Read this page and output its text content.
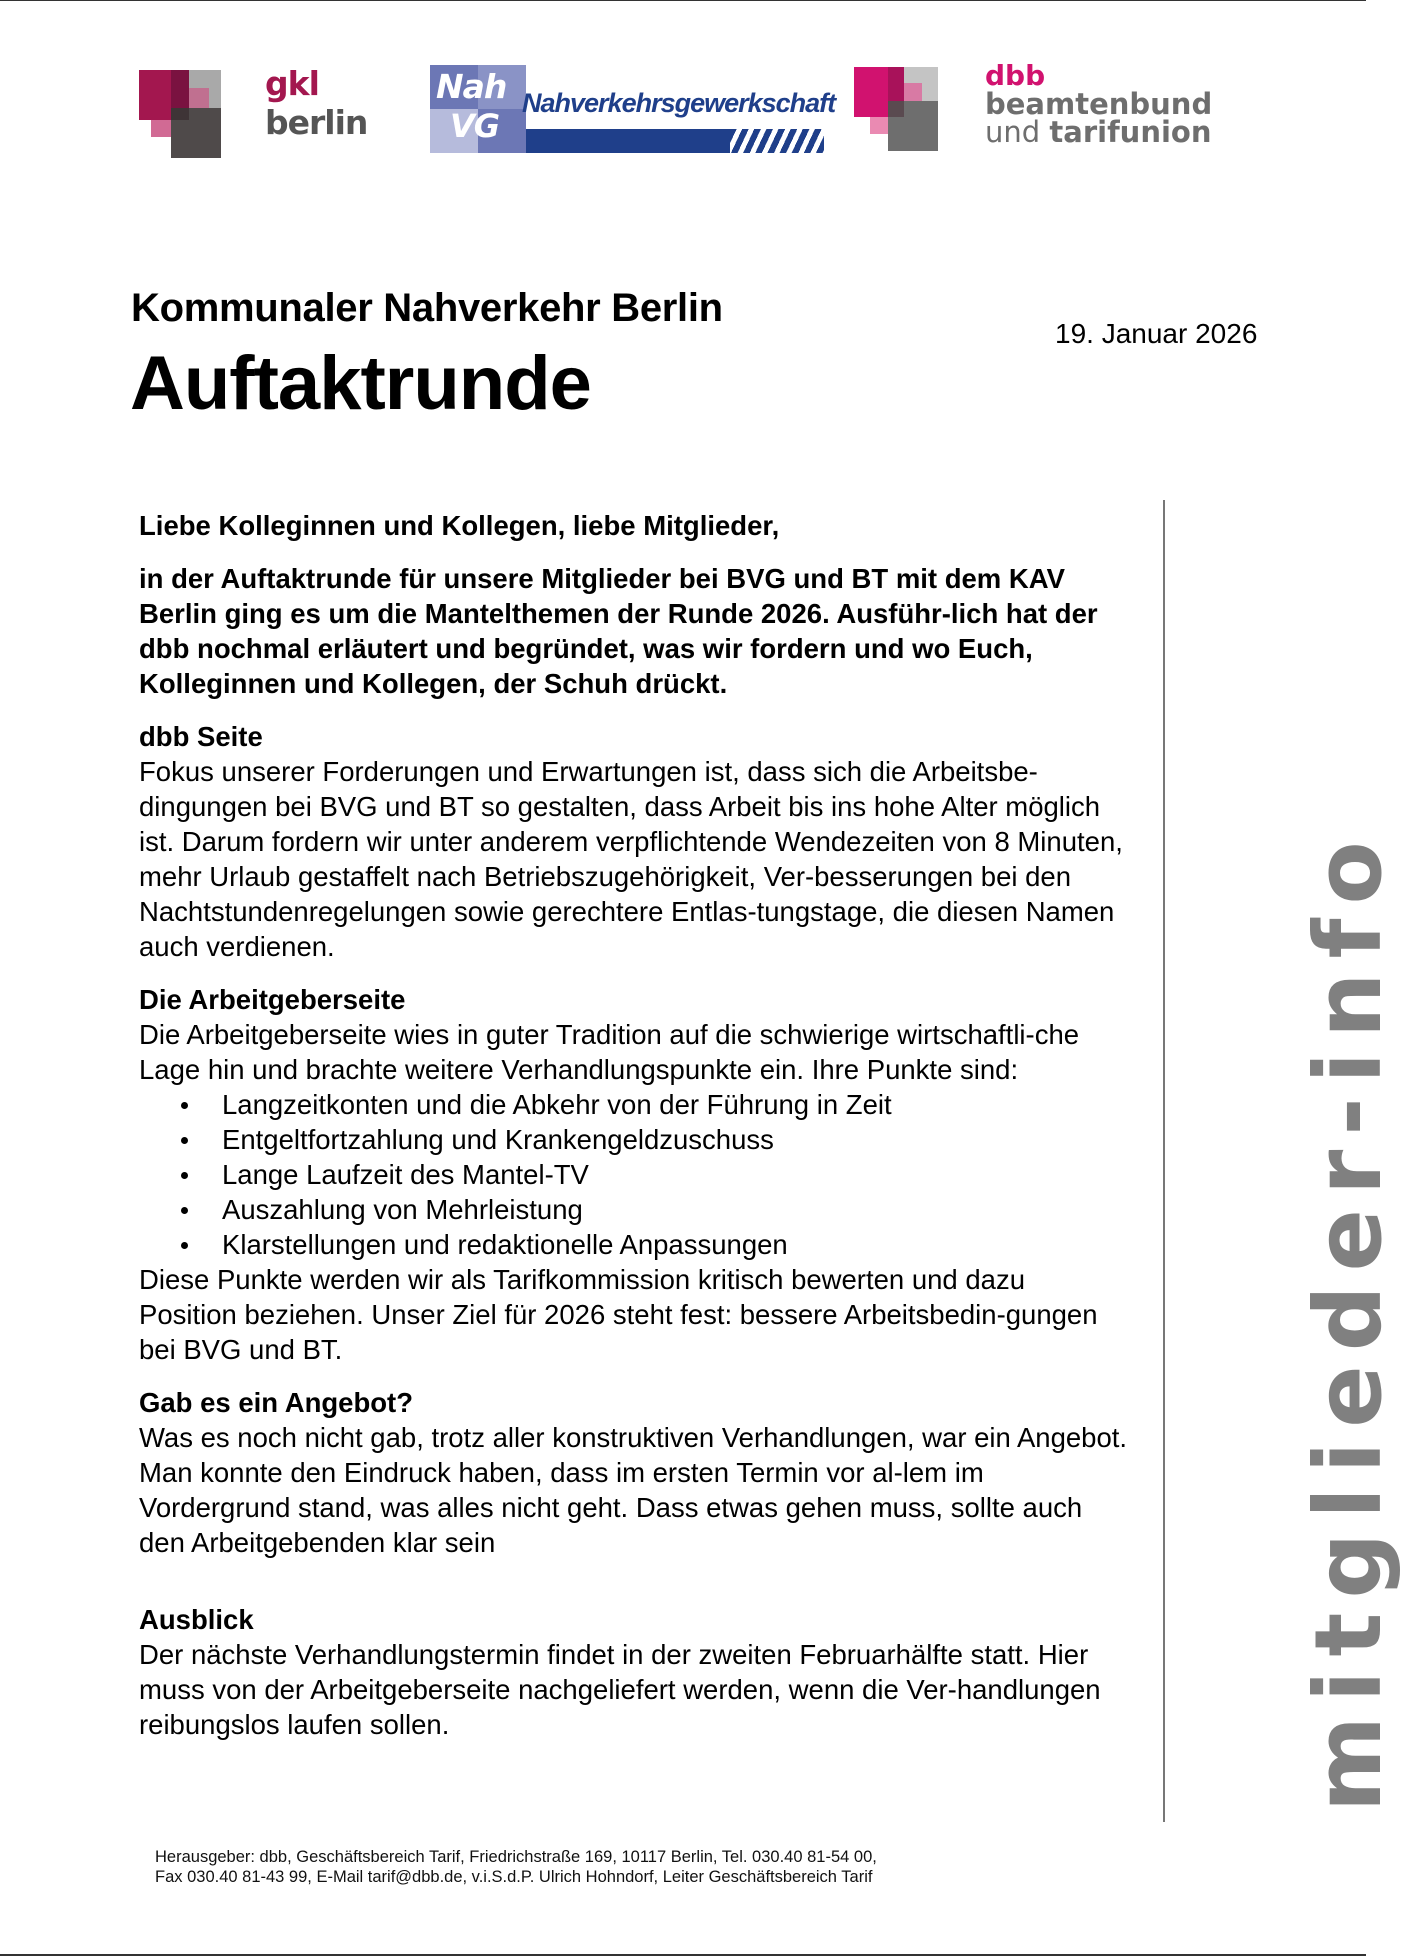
gkl berlin
Nah
VG
Nahverkehrsgewerkschaft
dbb
beamtenbund
und tarifunion
Kommunaler Nahverkehr Berlin
Auftaktrunde
19. Januar 2026

Liebe Kolleginnen und Kollegen, liebe Mitglieder,

in der Auftaktrunde für unsere Mitglieder bei BVG und BT mit dem KAV Berlin ging es um die Mantelthemen der Runde 2026. Ausführ-lich hat der dbb nochmal erläutert und begründet, was wir fordern und wo Euch, Kolleginnen und Kollegen, der Schuh drückt.

dbb Seite

Fokus unserer Forderungen und Erwartungen ist, dass sich die Arbeitsbe-dingungen bei BVG und BT so gestalten, dass Arbeit bis ins hohe Alter möglich ist. Darum fordern wir unter anderem verpflichtende Wendezeiten von 8 Minuten, mehr Urlaub gestaffelt nach Betriebszugehörigkeit, Ver-besserungen bei den Nachtstundenregelungen sowie gerechtere Entlas-tungstage, die diesen Namen auch verdienen.

Die Arbeitgeberseite

Die Arbeitgeberseite wies in guter Tradition auf die schwierige wirtschaftli-che Lage hin und brachte weitere Verhandlungspunkte ein. Ihre Punkte sind:

Langzeitkonten und die Abkehr von der Führung in Zeit
Entgeltfortzahlung und Krankengeldzuschuss
Lange Laufzeit des Mantel-TV
Auszahlung von Mehrleistung
Klarstellungen und redaktionelle Anpassungen

Diese Punkte werden wir als Tarifkommission kritisch bewerten und dazu Position beziehen. Unser Ziel für 2026 steht fest: bessere Arbeitsbedin-gungen bei BVG und BT.

Gab es ein Angebot?

Was es noch nicht gab, trotz aller konstruktiven Verhandlungen, war ein Angebot. Man konnte den Eindruck haben, dass im ersten Termin vor al-lem im Vordergrund stand, was alles nicht geht. Dass etwas gehen muss, sollte auch den Arbeitgebenden klar sein

Ausblick

Der nächste Verhandlungstermin findet in der zweiten Februarhälfte statt. Hier muss von der Arbeitgeberseite nachgeliefert werden, wenn die Ver-handlungen reibungslos laufen sollen.	mitglieder-info
Herausgeber: dbb, Geschäftsbereich Tarif, Friedrichstraße 169, 10117 Berlin, Tel. 030.40 81-54 00,
Fax 030.40 81-43 99, E-Mail tarif@dbb.de, v.i.S.d.P. Ulrich Hohndorf, Leiter Geschäftsbereich Tarif
